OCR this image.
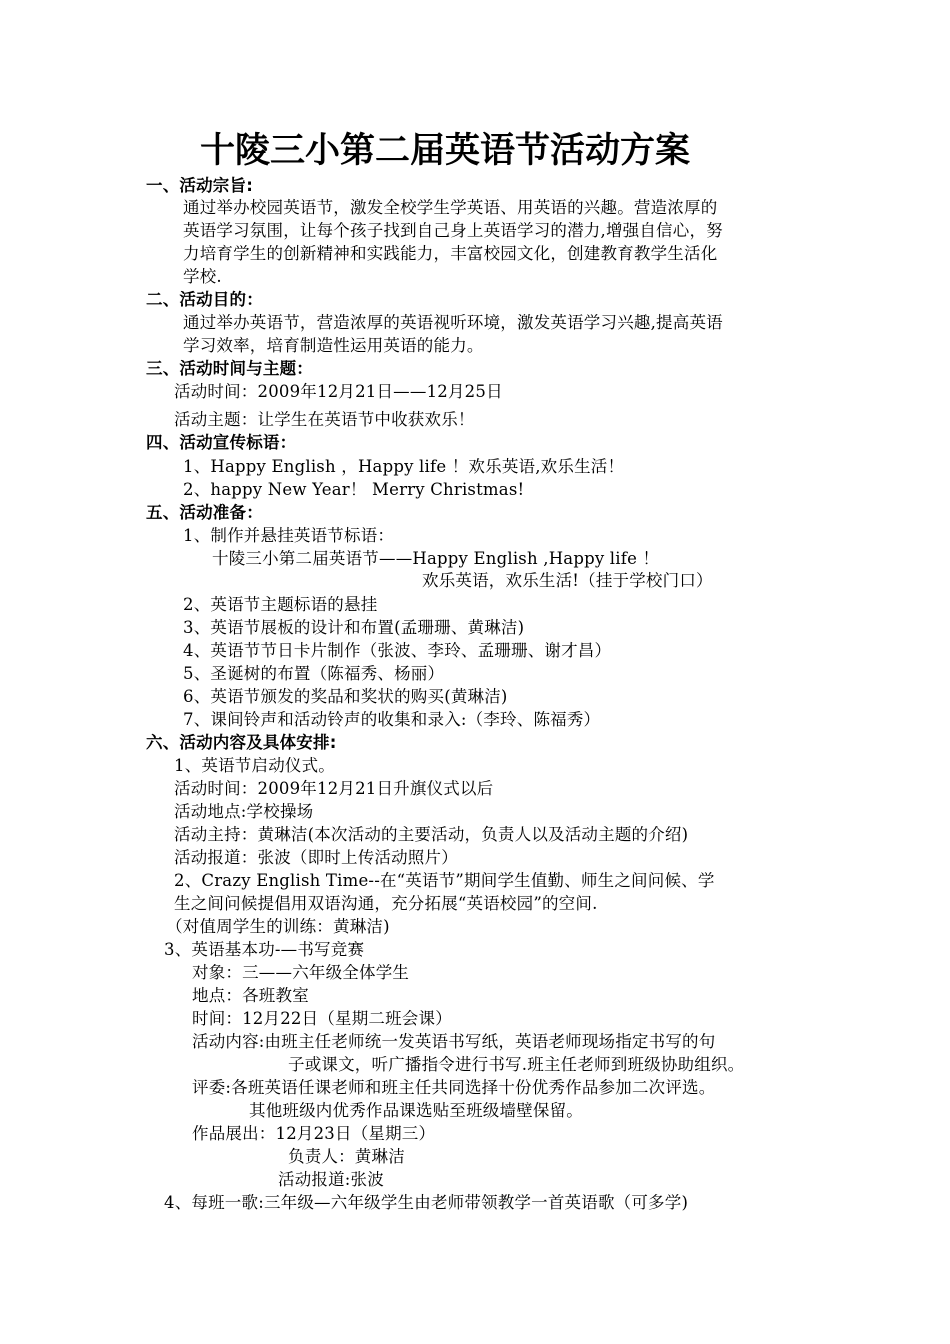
十陵三小第二届英语节活动方案
一、活动宗旨:
通过举办校园英语节，激发全校学生学英语、用英语的兴趣。营造浓厚的
英语学习氛围，让每个孩子找到自己身上英语学习的潜力,增强自信心，努
力培育学生的创新精神和实践能力，丰富校园文化，创建教育教学生活化
学校.
二、活动目的：
通过举办英语节，营造浓厚的英语视听环境，激发英语学习兴趣,提高英语
学习效率，培育制造性运用英语的能力。
三、活动时间与主题：
活动时间：2009年12月21日——12月25日
活动主题：让学生在英语节中收获欢乐！
四、活动宣传标语：
1、Happy English ，Happy life ！欢乐英语,欢乐生活！
2、happy New Year！ Merry Christmas!
五、活动准备：
1、制作并悬挂英语节标语：
十陵三小第二届英语节——Happy English ,Happy life ！
欢乐英语，欢乐生活!（挂于学校门口）
2、英语节主题标语的悬挂
3、英语节展板的设计和布置(孟珊珊、黄琳洁)
4、英语节节日卡片制作（张波、李玲、孟珊珊、谢才昌）
5、圣诞树的布置（陈福秀、杨丽）
6、英语节颁发的奖品和奖状的购买(黄琳洁)
7、课间铃声和活动铃声的收集和录入:（李玲、陈福秀）
六、活动内容及具体安排:
1、英语节启动仪式。
活动时间：2009年12月21日升旗仪式以后
活动地点:学校操场
活动主持：黄琳洁(本次活动的主要活动，负责人以及活动主题的介绍)
活动报道：张波（即时上传活动照片）
2、Crazy English Time--在“英语节”期间学生值勤、师生之间问候、学
生之间问候提倡用双语沟通，充分拓展“英语校园”的空间.
（对值周学生的训练：黄琳洁)
3、英语基本功-—书写竞赛
对象：三——六年级全体学生
地点：各班教室
时间：12月22日（星期二班会课）
活动内容:由班主任老师统一发英语书写纸，英语老师现场指定书写的句
子或课文，听广播指令进行书写.班主任老师到班级协助组织。
评委:各班英语任课老师和班主任共同选择十份优秀作品参加二次评选。
其他班级内优秀作品课选贴至班级墙壁保留。
作品展出：12月23日（星期三）
负责人：黄琳洁
活动报道:张波
4、每班一歌:三年级—六年级学生由老师带领教学一首英语歌（可多学)
